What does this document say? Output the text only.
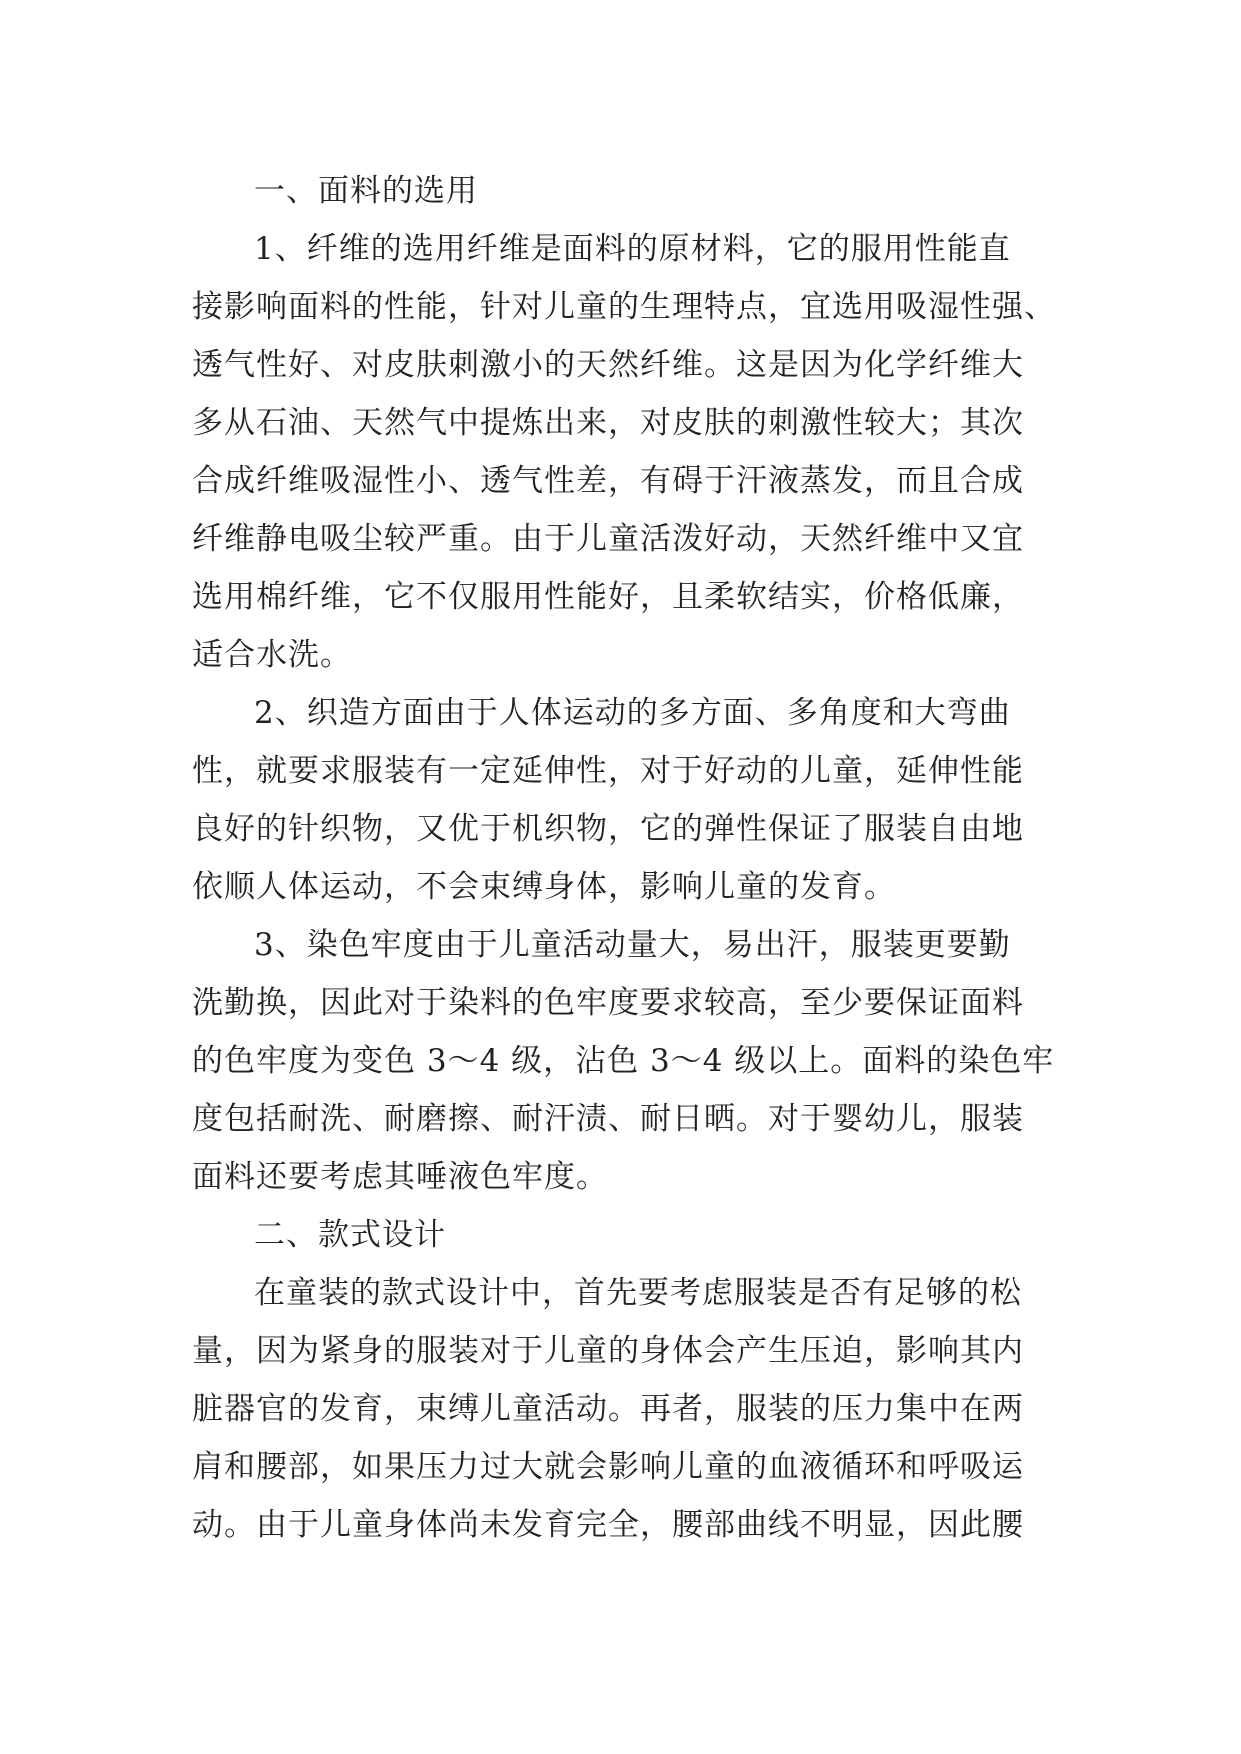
一、面料的选用
1、纤维的选用纤维是面料的原材料，它的服用性能直
接影响面料的性能，针对儿童的生理特点，宜选用吸湿性强、
透气性好、对皮肤刺激小的天然纤维。这是因为化学纤维大
多从石油、天然气中提炼出来，对皮肤的刺激性较大；其次
合成纤维吸湿性小、透气性差，有碍于汗液蒸发，而且合成
纤维静电吸尘较严重。由于儿童活泼好动，天然纤维中又宜
选用棉纤维，它不仅服用性能好，且柔软结实，价格低廉，
适合水洗。
2、织造方面由于人体运动的多方面、多角度和大弯曲
性，就要求服装有一定延伸性，对于好动的儿童，延伸性能
良好的针织物，又优于机织物，它的弹性保证了服装自由地
依顺人体运动，不会束缚身体，影响儿童的发育。
3、染色牢度由于儿童活动量大，易出汗，服装更要勤
洗勤换，因此对于染料的色牢度要求较高，至少要保证面料
的色牢度为变色 3～4 级，沾色 3～4 级以上。面料的染色牢
度包括耐洗、耐磨擦、耐汗渍、耐日晒。对于婴幼儿，服装
面料还要考虑其唾液色牢度。
二、款式设计
在童装的款式设计中，首先要考虑服装是否有足够的松
量，因为紧身的服装对于儿童的身体会产生压迫，影响其内
脏器官的发育，束缚儿童活动。再者，服装的压力集中在两
肩和腰部，如果压力过大就会影响儿童的血液循环和呼吸运
动。由于儿童身体尚未发育完全，腰部曲线不明显，因此腰
